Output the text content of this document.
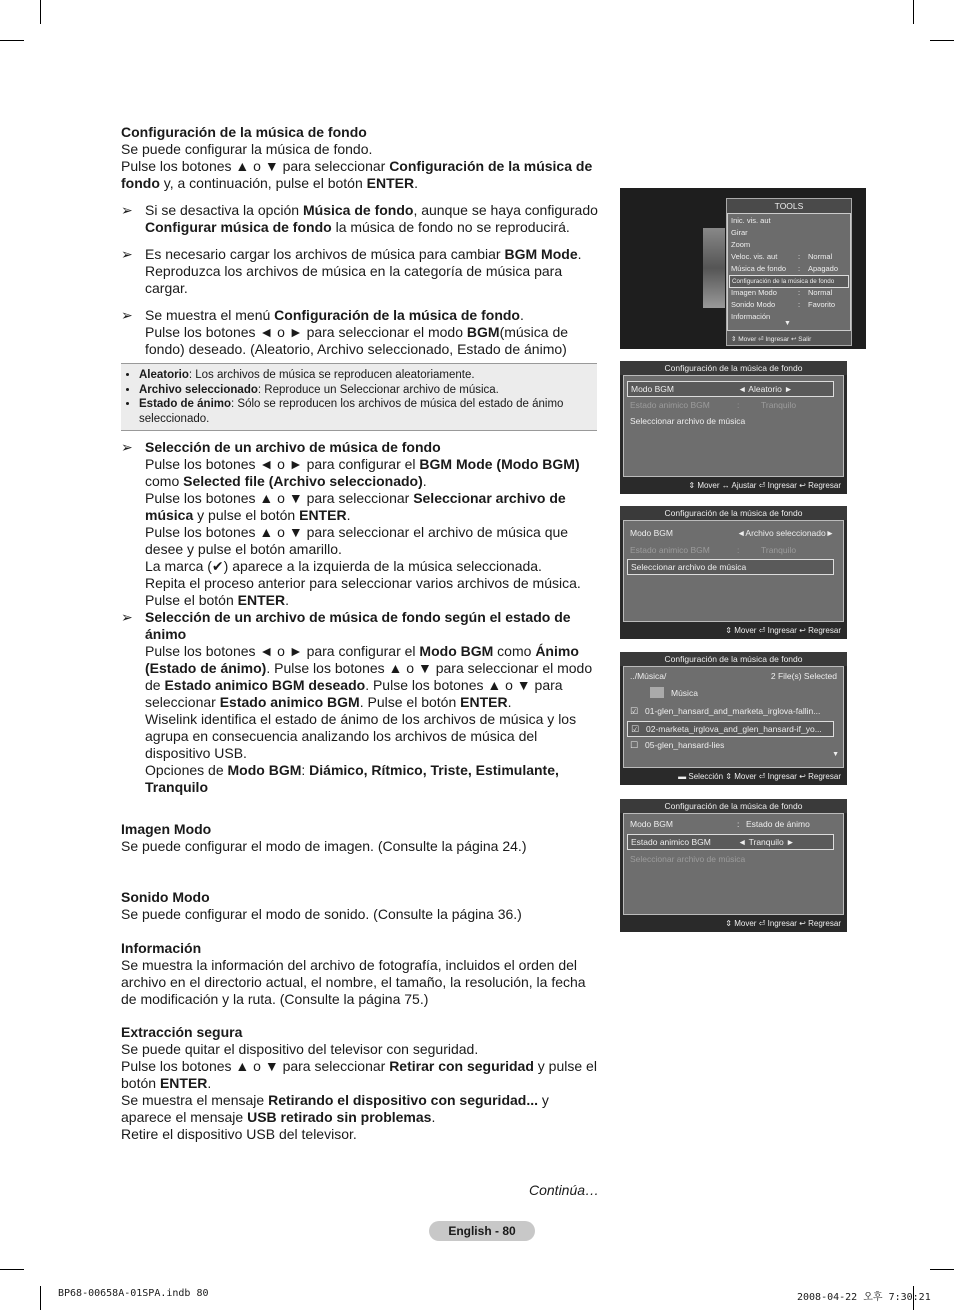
Configuración de la música de fondo

Se puede configurar la música de fondo.

Pulse los botones ▲ o ▼ para seleccionar Configuración de la música de fondo y, a continuación, pulse el botón ENTER.

➢ Si se desactiva la opción Música de fondo, aunque se haya configurado Configurar música de fondo la música de fondo no se reproducirá.
➢ Es necesario cargar los archivos de música para cambiar BGM Mode. Reproduzca los archivos de música en la categoría de música para cargar.
➢ Se muestra el menú Configuración de la música de fondo.
Pulse los botones ◄ o ► para seleccionar el modo BGM(música de fondo) deseado. (Aleatorio, Archivo seleccionado, Estado de ánimo)
• Aleatorio: Los archivos de música se reproducen aleatoriamente.
• Archivo seleccionado: Reproduce un Seleccionar archivo de música.
• Estado de ánimo: Sólo se reproducen los archivos de música del estado de ánimo seleccionado.
➢ Selección de un archivo de música de fondo
Pulse los botones ◄ o ► para configurar el BGM Mode (Modo BGM) como Selected file (Archivo seleccionado).
Pulse los botones ▲ o ▼ para seleccionar Seleccionar archivo de música y pulse el botón ENTER.
Pulse los botones ▲ o ▼ para seleccionar el archivo de música que desee y pulse el botón amarillo.
La marca (✔) aparece a la izquierda de la música seleccionada.
Repita el proceso anterior para seleccionar varios archivos de música.
Pulse el botón ENTER.
➢ Selección de un archivo de música de fondo según el estado de ánimo
Pulse los botones ◄ o ► para configurar el Modo BGM como Ánimo (Estado de ánimo). Pulse los botones ▲ o ▼ para seleccionar el modo de Estado animico BGM deseado. Pulse los botones ▲ o ▼ para seleccionar Estado animico BGM. Pulse el botón ENTER.
Wiselink identifica el estado de ánimo de los archivos de música y los agrupa en consecuencia analizando los archivos de música del dispositivo USB.
Opciones de Modo BGM: Diámico, Rítmico, Triste, Estimulante, Tranquilo
Imagen Modo
Se puede configurar el modo de imagen. (Consulte la página 24.)
Sonido Modo
Se puede configurar el modo de sonido. (Consulte la página 36.)
Información
Se muestra la información del archivo de fotografía, incluidos el orden del archivo en el directorio actual, el nombre, el tamaño, la resolución, la fecha de modificación y la ruta. (Consulte la página 75.)
Extracción segura
Se puede quitar el dispositivo del televisor con seguridad.
Pulse los botones ▲ o ▼ para seleccionar Retirar con seguridad y pulse el botón ENTER.
Se muestra el mensaje Retirando el dispositivo con seguridad... y aparece el mensaje USB retirado sin problemas.
Retire el dispositivo USB del televisor.
Continúa…
English - 80
BP68-00658A-01SPA.indb 80	2008-04-22 오후 7:30:21
TOOLS
Inic. vis. aut
Girar
Zoom
Veloc. vis. aut	: Normal
Música de fondo : Apagado
Configuración de la música de fondo
Imagen Modo	: Normal
Sonido Modo	: Favorito
Información
▼
⇕ Mover ⏎ Ingresar ↩ Salir
Configuración de la música de fondo
Modo BGM	◄ Aleatorio ►
Estado animico BGM	:	Tranquilo
Seleccionar archivo de música
⇕ Mover ↔ Ajustar ⏎ Ingresar ↩ Regresar
Configuración de la música de fondo
Modo BGM	◄Archivo seleccionado►
Estado animico BGM	:	Tranquilo
Seleccionar archivo de música
⇕ Mover ⏎ Ingresar ↩ Regresar
Configuración de la música de fondo
../Música/	2 File(s) Selected
Música
☑ 01-glen_hansard_and_marketa_irglova-fallin...
☑ 02-marketa_irglova_and_glen_hansard-if_yo...
☐ 05-glen_hansard-lies
▼
▬ Selección ⇕ Mover ⏎ Ingresar ↩ Regresar
Configuración de la música de fondo
Modo BGM	: Estado de ánimo
Estado animico BGM	◄ Tranquilo ►
Seleccionar archivo de música
⇕ Mover ⏎ Ingresar ↩ Regresar
